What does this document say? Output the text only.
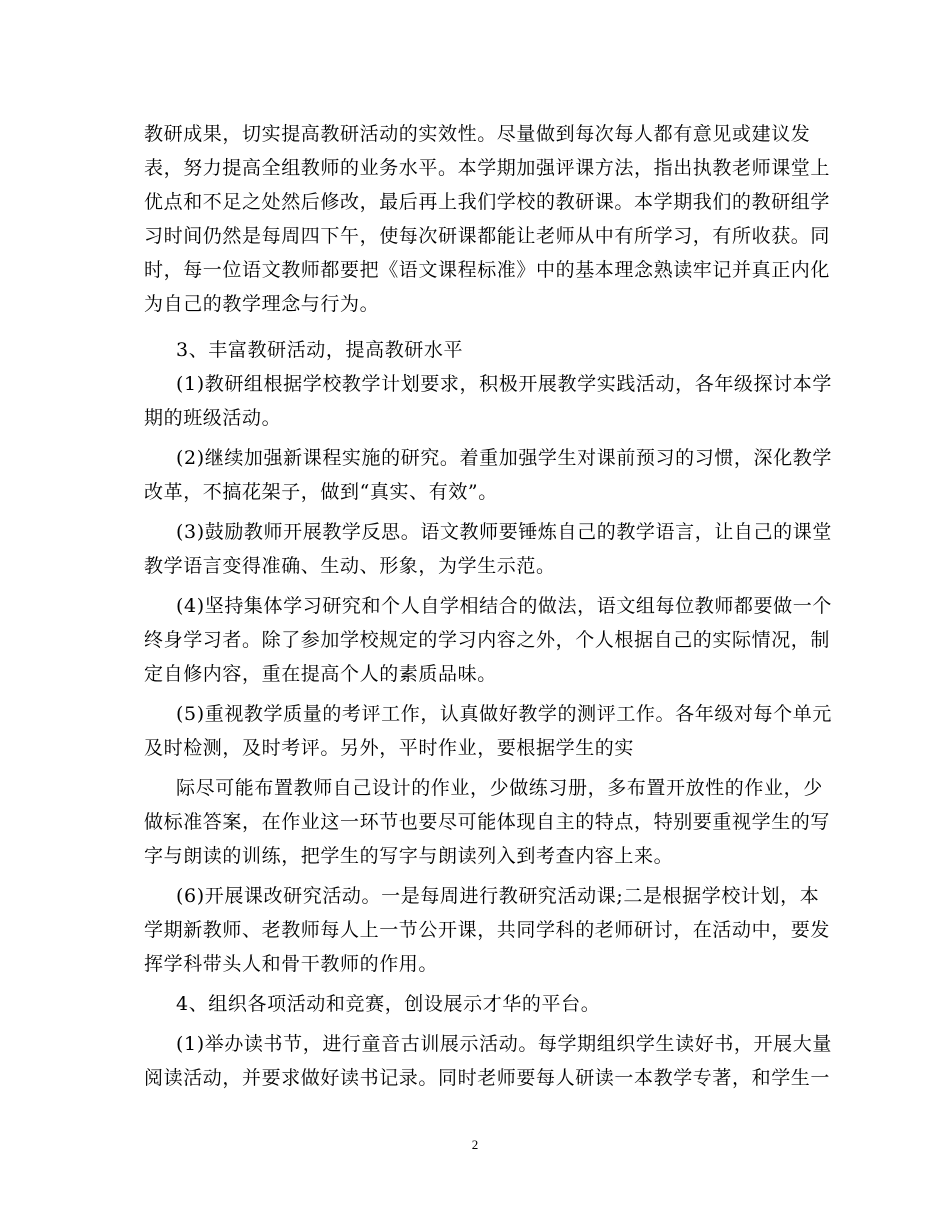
教研成果，切实提高教研活动的实效性。尽量做到每次每人都有意见或建议发
表，努力提高全组教师的业务水平。本学期加强评课方法，指出执教老师课堂上
优点和不足之处然后修改，最后再上我们学校的教研课。本学期我们的教研组学
习时间仍然是每周四下午，使每次研课都能让老师从中有所学习，有所收获。同
时，每一位语文教师都要把《语文课程标准》中的基本理念熟读牢记并真正内化
为自己的教学理念与行为。
3、丰富教研活动，提高教研水平
(1)教研组根据学校教学计划要求，积极开展教学实践活动，各年级探讨本学
期的班级活动。
(2)继续加强新课程实施的研究。着重加强学生对课前预习的习惯，深化教学
改革，不搞花架子，做到“真实、有效”。
(3)鼓励教师开展教学反思。语文教师要锤炼自己的教学语言，让自己的课堂
教学语言变得准确、生动、形象，为学生示范。
(4)坚持集体学习研究和个人自学相结合的做法，语文组每位教师都要做一个
终身学习者。除了参加学校规定的学习内容之外，个人根据自己的实际情况，制
定自修内容，重在提高个人的素质品味。
(5)重视教学质量的考评工作，认真做好教学的测评工作。各年级对每个单元
及时检测，及时考评。另外，平时作业，要根据学生的实
际尽可能布置教师自己设计的作业，少做练习册，多布置开放性的作业，少
做标准答案，在作业这一环节也要尽可能体现自主的特点，特别要重视学生的写
字与朗读的训练，把学生的写字与朗读列入到考查内容上来。
(6)开展课改研究活动。一是每周进行教研究活动课;二是根据学校计划，本
学期新教师、老教师每人上一节公开课，共同学科的老师研讨，在活动中，要发
挥学科带头人和骨干教师的作用。
4、组织各项活动和竞赛，创设展示才华的平台。
(1)举办读书节，进行童音古训展示活动。每学期组织学生读好书，开展大量
阅读活动，并要求做好读书记录。同时老师要每人研读一本教学专著，和学生一
2
